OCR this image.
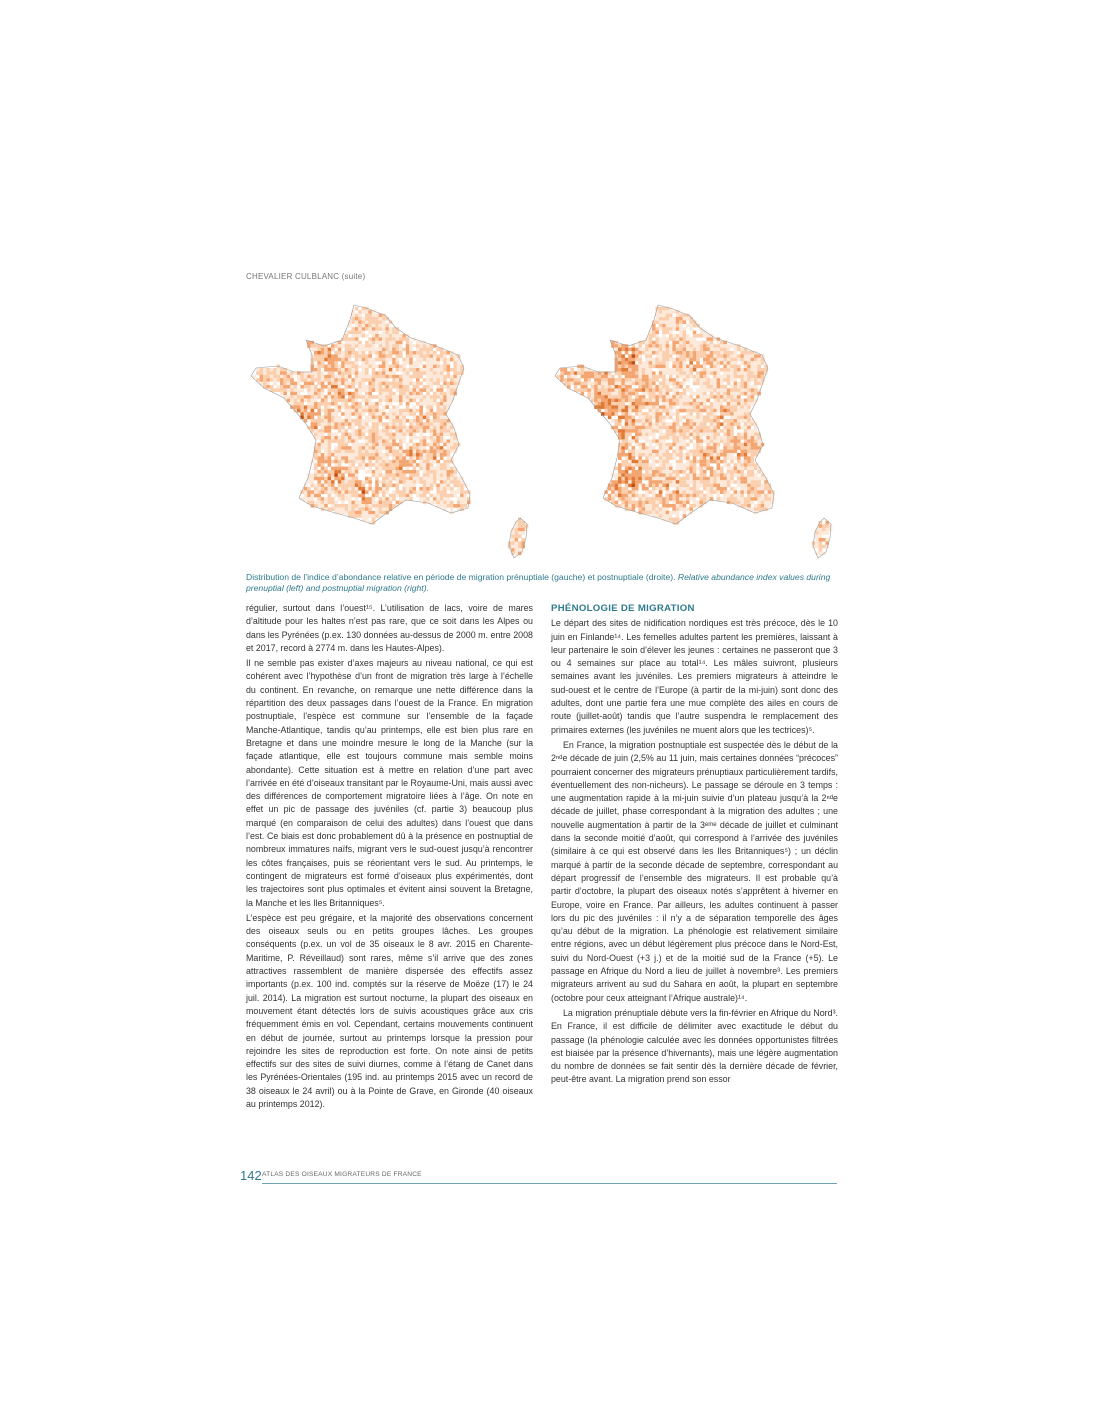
CHEVALIER CULBLANC (suite)
Distribution de l’indice d’abondance relative en période de migration prénuptiale (gauche) et postnuptiale (droite). Relative abundance index values during prenuptial (left) and postnuptial migration (right).

régulier, surtout dans l’ouest¹⁵. L’utilisation de lacs, voire de mares d’altitude pour les haltes n’est pas rare, que ce soit dans les Alpes ou dans les Pyrénées (p.ex. 130 données au-dessus de 2000 m. entre 2008 et 2017, record à 2774 m. dans les Hautes-Alpes).

Il ne semble pas exister d’axes majeurs au niveau national, ce qui est cohérent avec l’hypothèse d’un front de migration très large à l’échelle du continent. En revanche, on remarque une nette différence dans la répartition des deux passages dans l’ouest de la France. En migration postnuptiale, l’espèce est commune sur l’ensemble de la façade Manche-Atlantique, tandis qu’au printemps, elle est bien plus rare en Bretagne et dans une moindre mesure le long de la Manche (sur la façade atlantique, elle est toujours commune mais semble moins abondante). Cette situation est à mettre en relation d’une part avec l’arrivée en été d’oiseaux transitant par le Royaume-Uni, mais aussi avec des différences de comportement migratoire liées à l’âge. On note en effet un pic de passage des juvéniles (cf. partie 3) beaucoup plus marqué (en comparaison de celui des adultes) dans l’ouest que dans l’est. Ce biais est donc probablement dû à la présence en postnuptial de nombreux immatures naïfs, migrant vers le sud-ouest jusqu’à rencontrer les côtes françaises, puis se réorientant vers le sud. Au printemps, le contingent de migrateurs est formé d’oiseaux plus expérimentés, dont les trajectoires sont plus optimales et évitent ainsi souvent la Bretagne, la Manche et les Iles Britanniques⁵.

L’espèce est peu grégaire, et la majorité des observations concernent des oiseaux seuls ou en petits groupes lâches. Les groupes conséquents (p.ex. un vol de 35 oiseaux le 8 avr. 2015 en Charente-Maritime, P. Réveillaud) sont rares, même s’il arrive que des zones attractives rassemblent de manière dispersée des effectifs assez importants (p.ex. 100 ind. comptés sur la réserve de Moëze (17) le 24 juil. 2014). La migration est surtout nocturne, la plupart des oiseaux en mouvement étant détectés lors de suivis acoustiques grâce aux cris fréquemment émis en vol. Cependant, certains mouvements continuent en début de journée, surtout au printemps lorsque la pression pour rejoindre les sites de reproduction est forte. On note ainsi de petits effectifs sur des sites de suivi diurnes, comme à l’étang de Canet dans les Pyrénées-Orientales (195 ind. au printemps 2015 avec un record de 38 oiseaux le 24 avril) ou à la Pointe de Grave, en Gironde (40 oiseaux au printemps 2012).

PHÉNOLOGIE DE MIGRATION

Le départ des sites de nidification nordiques est très précoce, dès le 10 juin en Finlande¹⁴. Les femelles adultes partent les premières, laissant à leur partenaire le soin d’élever les jeunes : certaines ne passeront que 3 ou 4 semaines sur place au total¹⁴. Les mâles suivront, plusieurs semaines avant les juvéniles. Les premiers migrateurs à atteindre le sud-ouest et le centre de l’Europe (à partir de la mi-juin) sont donc des adultes, dont une partie fera une mue complète des ailes en cours de route (juillet-août) tandis que l’autre suspendra le remplacement des primaires externes (les juvéniles ne muent alors que les tectrices)⁵.

En France, la migration postnuptiale est suspectée dès le début de la 2ⁿᵈe décade de juin (2,5% au 11 juin, mais certaines données “précoces” pourraient concerner des migrateurs prénuptiaux particulièrement tardifs, éventuellement des non-nicheurs). Le passage se déroule en 3 temps : une augmentation rapide à la mi-juin suivie d’un plateau jusqu’à la 2ⁿᵈe décade de juillet, phase correspondant à la migration des adultes ; une nouvelle augmentation à partir de la 3ᵉᵐᵉ décade de juillet et culminant dans la seconde moitié d’août, qui correspond à l’arrivée des juvéniles (similaire à ce qui est observé dans les Iles Britanniques⁵) ; un déclin marqué à partir de la seconde décade de septembre, correspondant au départ progressif de l’ensemble des migrateurs. Il est probable qu’à partir d’octobre, la plupart des oiseaux notés s’apprêtent à hiverner en Europe, voire en France. Par ailleurs, les adultes continuent à passer lors du pic des juvéniles : il n’y a de séparation temporelle des âges qu’au début de la migration. La phénologie est relativement similaire entre régions, avec un début légèrement plus précoce dans le Nord-Est, suivi du Nord-Ouest (+3 j.) et de la moitié sud de la France (+5). Le passage en Afrique du Nord a lieu de juillet à novembre³. Les premiers migrateurs arrivent au sud du Sahara en août, la plupart en septembre (octobre pour ceux atteignant l’Afrique australe)¹⁴.

La migration prénuptiale débute vers la fin-février en Afrique du Nord³. En France, il est difficile de délimiter avec exactitude le début du passage (la phénologie calculée avec les données opportunistes filtrées est biaisée par la présence d’hivernants), mais une légère augmentation du nombre de données se fait sentir dès la dernière décade de février, peut-être avant. La migration prend son essor

142 ATLAS DES OISEAUX MIGRATEURS DE FRANCE
